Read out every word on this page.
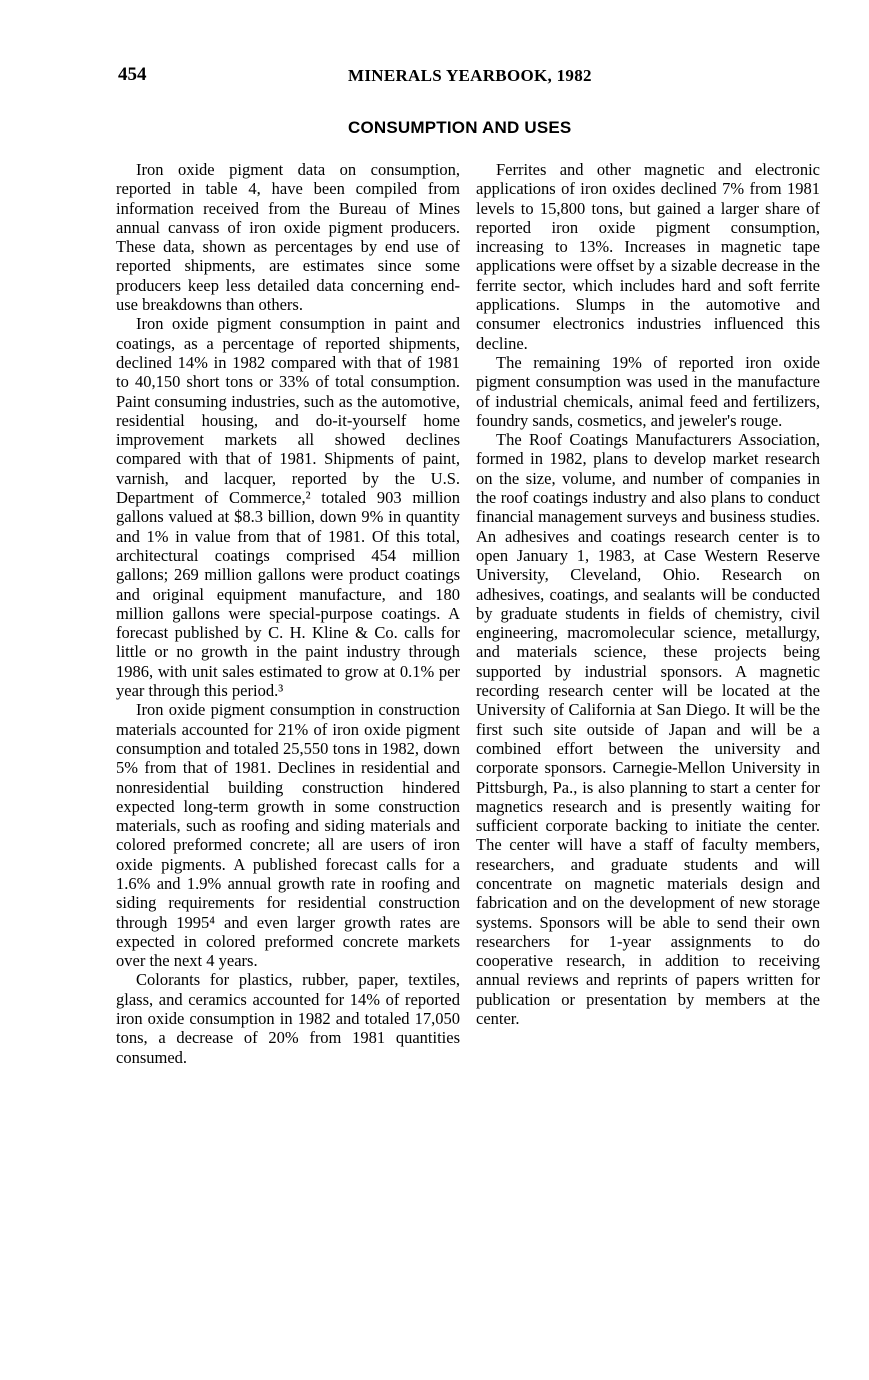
454	MINERALS YEARBOOK, 1982
CONSUMPTION AND USES

Iron oxide pigment data on consumption, reported in table 4, have been compiled from information received from the Bureau of Mines annual canvass of iron oxide pigment producers. These data, shown as percentages by end use of reported shipments, are estimates since some producers keep less detailed data concerning end-use breakdowns than others.

Iron oxide pigment consumption in paint and coatings, as a percentage of reported shipments, declined 14% in 1982 compared with that of 1981 to 40,150 short tons or 33% of total consumption. Paint consuming industries, such as the automotive, residential housing, and do-it-yourself home improvement markets all showed declines compared with that of 1981. Shipments of paint, varnish, and lacquer, reported by the U.S. Department of Commerce,² totaled 903 million gallons valued at $8.3 billion, down 9% in quantity and 1% in value from that of 1981. Of this total, architectural coatings comprised 454 million gallons; 269 million gallons were product coatings and original equipment manufacture, and 180 million gallons were special-purpose coatings. A forecast published by C. H. Kline & Co. calls for little or no growth in the paint industry through 1986, with unit sales estimated to grow at 0.1% per year through this period.³

Iron oxide pigment consumption in construction materials accounted for 21% of iron oxide pigment consumption and totaled 25,550 tons in 1982, down 5% from that of 1981. Declines in residential and nonresidential building construction hindered expected long-term growth in some construction materials, such as roofing and siding materials and colored preformed concrete; all are users of iron oxide pigments. A published forecast calls for a 1.6% and 1.9% annual growth rate in roofing and siding requirements for residential construction through 1995⁴ and even larger growth rates are expected in colored preformed concrete markets over the next 4 years.

Colorants for plastics, rubber, paper, textiles, glass, and ceramics accounted for 14% of reported iron oxide consumption in 1982 and totaled 17,050 tons, a decrease of 20% from 1981 quantities consumed.

Ferrites and other magnetic and electronic applications of iron oxides declined 7% from 1981 levels to 15,800 tons, but gained a larger share of reported iron oxide pigment consumption, increasing to 13%. Increases in magnetic tape applications were offset by a sizable decrease in the ferrite sector, which includes hard and soft ferrite applications. Slumps in the automotive and consumer electronics industries influenced this decline.

The remaining 19% of reported iron oxide pigment consumption was used in the manufacture of industrial chemicals, animal feed and fertilizers, foundry sands, cosmetics, and jeweler's rouge.

The Roof Coatings Manufacturers Association, formed in 1982, plans to develop market research on the size, volume, and number of companies in the roof coatings industry and also plans to conduct financial management surveys and business studies. An adhesives and coatings research center is to open January 1, 1983, at Case Western Reserve University, Cleveland, Ohio. Research on adhesives, coatings, and sealants will be conducted by graduate students in fields of chemistry, civil engineering, macromolecular science, metallurgy, and materials science, these projects being supported by industrial sponsors. A magnetic recording research center will be located at the University of California at San Diego. It will be the first such site outside of Japan and will be a combined effort between the university and corporate sponsors. Carnegie-Mellon University in Pittsburgh, Pa., is also planning to start a center for magnetics research and is presently waiting for sufficient corporate backing to initiate the center. The center will have a staff of faculty members, researchers, and graduate students and will concentrate on magnetic materials design and fabrication and on the development of new storage systems. Sponsors will be able to send their own researchers for 1-year assignments to do cooperative research, in addition to receiving annual reviews and reprints of papers written for publication or presentation by members at the center.
